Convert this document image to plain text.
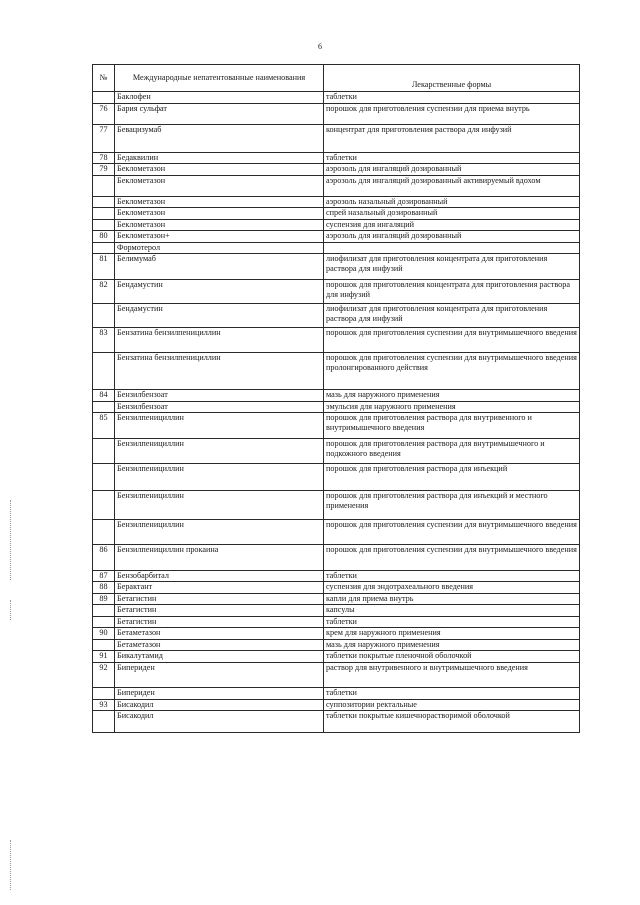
6
№	Международные непатентованные наименования	Лекарственные формы
	Баклофен	таблетки
76	Бария сульфат	порошок для приготовления суспензии для приема внутрь
77	Бевацизумаб	концентрат для приготовления раствора для инфузий
78	Бедаквилин	таблетки
79	Беклометазон	аэрозоль для ингаляций дозированный
	Беклометазон	аэрозоль для ингаляций дозированный активируемый вдохом
	Беклометазон	аэрозоль назальный дозированный
	Беклометазон	спрей назальный дозированный
	Беклометазон	суспензия для ингаляций
80	Беклометазон+	аэрозоль для ингаляций дозированный
	Формотерол	
81	Белимумаб	лиофилизат для приготовления концентрата для приготовления раствора для инфузий
82	Бендамустин	порошок для приготовления концентрата для приготовления раствора для инфузий
	Бендамустин	лиофилизат для приготовления концентрата для приготовления раствора для инфузий
83	Бензатина бензилпенициллин	порошок для приготовления суспензии для внутримышечного введения
	Бензатина бензилпенициллин	порошок для приготовления суспензии для внутримышечного введения пролонгированного действия
84	Бензилбензоат	мазь для наружного применения
	Бензилбензоат	эмульсия для наружного применения
85	Бензилпенициллин	порошок для приготовления раствора для внутривенного и внутримышечного введения
	Бензилпенициллин	порошок для приготовления раствора для внутримышечного и подкожного введения
	Бензилпенициллин	порошок для приготовления раствора для инъекций
	Бензилпенициллин	порошок для приготовления раствора для инъекций и местного применения
	Бензилпенициллин	порошок для приготовления суспензии для внутримышечного введения
86	Бензилпенициллин прокаина	порошок для приготовления суспензии для внутримышечного введения
87	Бензобарбитал	таблетки
88	Берактант	суспензия для эндотрахеального введения
89	Бетагистин	капли для приема внутрь
	Бетагистин	капсулы
	Бетагистин	таблетки
90	Бетаметазон	крем для наружного применения
	Бетаметазон	мазь для наружного применения
91	Бикалутамид	таблетки покрытые пленочной оболочкой
92	Бипериден	раствор для внутривенного и внутримышечного введения
	Бипериден	таблетки
93	Бисакодил	суппозитории ректальные
	Бисакодил	таблетки покрытые кишечнорастворимой оболочкой
